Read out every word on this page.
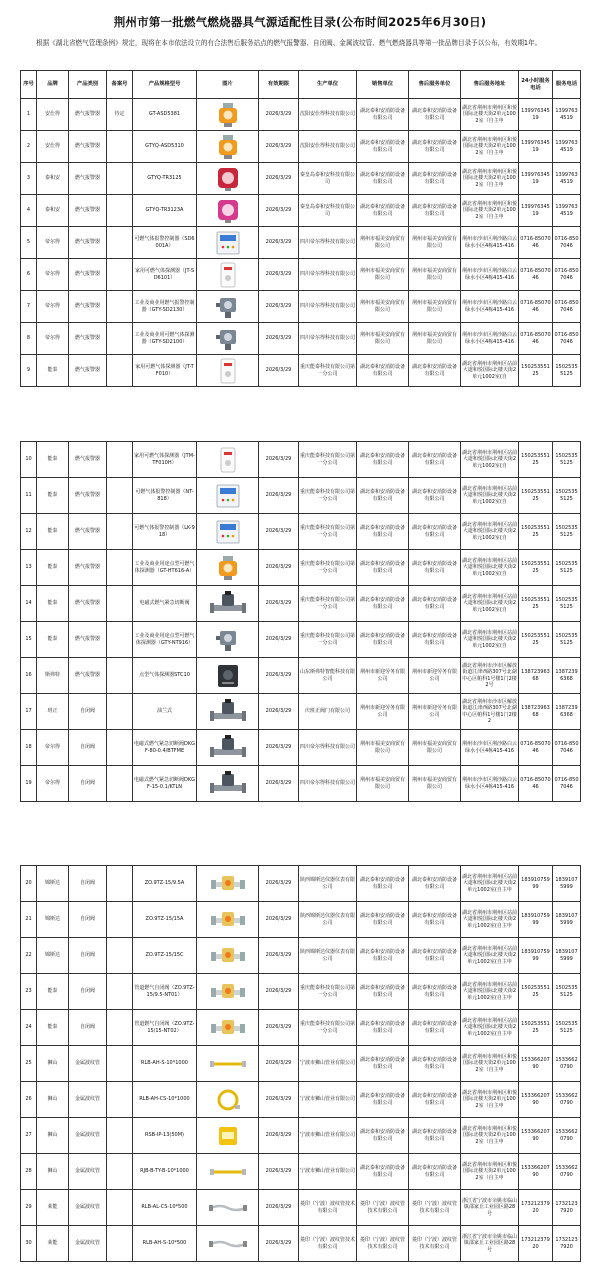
荆州市第一批燃气燃烧器具气源适配性目录(公布时间2025年6月30日)
根据《湖北省燃气管理条例》规定，现将在本市依法设立的有合法售后服务站点的燃气报警器、自闭阀、金属波纹管、燃气燃烧器具等第一批品牌目录予以公布，有效期1年。
序号	品牌	产品类别	备案号	产品规格型号	图片	有效期限	生产单位	销售单位	售后服务单位	售后服务地址	24小时服务电话	服务电话
1	安仕得	燃气报警器	待定	GT-ASD5381		2026/3/29	沈阳安仕得科技有限公司	湖北泰和安消防设备有限公司	湖北泰和安消防设备有限公司	湖北省荆州市荆州区和悦国际北楼天街2单元1002室（自主申	13997634519	13997634519
2	安仕得	燃气报警器		GTYQ-ASD5310		2026/3/29	沈阳安仕得科技有限公司	湖北泰和安消防设备有限公司	湖北泰和安消防设备有限公司	湖北省荆州市荆州区和悦国际北楼天街2单元1002室（自主申	13997634519	13997634519
3	泰和安	燃气报警器		GTYQ-TR3125		2026/3/29	秦皇岛泰和安科技有限公司	湖北泰和安消防设备有限公司	湖北泰和安消防设备有限公司	湖北省荆州市荆州区和悦国际北楼天街2单元1002室（自主申	13997634519	13997634519
4	泰和安	燃气报警器		GTYQ-TR3123A		2026/3/29	秦皇岛泰和安科技有限公司	湖北泰和安消防设备有限公司	湖北泰和安消防设备有限公司	湖北省荆州市荆州区和悦国际北楼天街2单元1002室（自主申	13997634519	13997634519
5	帝尔得	燃气报警器		可燃气体报警控制器（SD6001A）		2026/3/29	四川帝尔得科技有限公司	荆州市福美安商贸有限公司	荆州市福美安商贸有限公司	荆州市沙市区荆沙路白云绿水小区4栋415-416	0716-8507046	0716-8507046
6	帝尔得	燃气报警器		家用可燃气体探测器（JT-SD6101）		2026/3/29	四川帝尔得科技有限公司	荆州市福美安商贸有限公司	荆州市福美安商贸有限公司	荆州市沙市区荆沙路白云绿水小区4栋415-416	0716-8507046	0716-8507046
7	帝尔得	燃气报警器		工业及商业用燃气报警控制器（GTY-SD2130）		2026/3/29	四川帝尔得科技有限公司	荆州市福美安商贸有限公司	荆州市福美安商贸有限公司	荆州市沙市区荆沙路白云绿水小区4栋415-416	0716-8507046	0716-8507046
8	帝尔得	燃气报警器		工业及商业用可燃气体探测器（GTY-SD2100）		2026/3/29	四川帝尔得科技有限公司	荆州市福美安商贸有限公司	荆州市福美安商贸有限公司	荆州市沙市区荆沙路白云绿水小区4栋415-416	0716-8507046	0716-8507046
9	能泰	燃气报警器		家用可燃气体探测器（JT-TF010）		2026/3/29	重庆能泰科技有限公司第一分公司	湖北泰和安消防设备有限公司	湖北泰和安消防设备有限公司	湖北省荆州市荆州区站前大道和悦国际北楼天街2单元1002室(自	15025355125	15025355125
10	能泰	燃气报警器		家用可燃气体探测器（JTM-TF010H）		2026/3/29	重庆能泰科技有限公司第一分公司	湖北泰和安消防设备有限公司	湖北泰和安消防设备有限公司	湖北省荆州市荆州区站前大道和悦国际北楼天街2单元1002室(自	15025355125	15025355125
11	能泰	燃气报警器		可燃气体报警控制器（NT-818）		2026/3/29	重庆能泰科技有限公司第一分公司	湖北泰和安消防设备有限公司	湖北泰和安消防设备有限公司	湖北省荆州市荆州区站前大道和悦国际北楼天街2单元1002室(自	15025355125	15025355125
12	能泰	燃气报警器		可燃气体报警控制器（LK-918）		2026/3/29	重庆能泰科技有限公司第一分公司	湖北泰和安消防设备有限公司	湖北泰和安消防设备有限公司	湖北省荆州市荆州区站前大道和悦国际北楼天街2单元1002室(自	15025355125	15025355125
13	能泰	燃气报警器		工业及商业用途点型可燃气体探测器（GT-HT616-A）		2026/3/29	重庆能泰科技有限公司第一分公司	湖北泰和安消防设备有限公司	湖北泰和安消防设备有限公司	湖北省荆州市荆州区站前大道和悦国际北楼天街2单元1002室(自	15025355125	15025355125
14	能泰	燃气报警器		电磁式燃气紧急切断阀		2026/3/29	重庆能泰科技有限公司第一分公司	湖北泰和安消防设备有限公司	湖北泰和安消防设备有限公司	湖北省荆州市荆州区站前大道和悦国际北楼天街2单元1002室(自	15025355125	15025355125
15	能泰	燃气报警器		工业及商业用途点型可燃气体探测器（GTY-NT916）		2026/3/29	重庆能泰科技有限公司第一分公司	湖北泰和安消防设备有限公司	湖北泰和安消防设备有限公司	湖北省荆州市荆州区站前大道和悦国际北楼天街2单元1002室(自	15025355125	15025355125
16	斯弗特	燃气报警器		点型气体探测器STC10		2026/3/29	山东斯弗特智能科技有限公司	荆州市新迎劳务有限公司	荆州市新迎劳务有限公司	湖北省荆州市沙市区解放街道江津西路307号北湖中心区帕科1号楼1门2楼2号	13872396368	13872396368
17	班正	自闭阀		油兰式		2026/3/29	庆班正阀门有限公司	荆州市新迎劳务有限公司	荆州市新迎劳务有限公司	湖北省荆州市沙市区解放街道江津西路307号北湖中心区帕科1号楼1门2楼2	13872396368	13872396368
18	帝尔得	自闭阀		电磁式燃气紧急切断阀DKGF-80-0.4/BTFME		2026/3/29	四川帝尔得科技有限公司	荆州市福美安商贸有限公司	荆州市福美安商贸有限公司	荆州市沙市区荆沙路白云绿水小区4栋415-416	0716-8507046	0716-8507046
19	帝尔得	自闭阀		电磁式燃气紧急切断阀DKGF-15-0.1/KTLN		2026/3/29	四川帝尔得科技有限公司	荆州市福美安商贸有限公司	荆州市福美安商贸有限公司	荆州市沙市区荆沙路白云绿水小区4栋415-416	0716-8507046	0716-8507046
20	锦斯达	自闭阀		ZO.9TZ-15/9.5A		2026/3/29	陕西锦斯达仪器仪表有限公司	湖北泰和安消防设备有限公司	湖北泰和安消防设备有限公司	湖北省荆州市荆州区站前大道和悦国际北楼天街2单元1002室(自主申	18391075999	18391075999
21	锦斯达	自闭阀		ZO.9TZ-15/15A		2026/3/29	陕西锦斯达仪器仪表有限公司	湖北泰和安消防设备有限公司	湖北泰和安消防设备有限公司	湖北省荆州市荆州区站前大道和悦国际北楼天街2单元1002室(自主申	18391075999	18391075999
22	锦斯达	自闭阀		ZO.9TZ-15/15C		2026/3/29	陕西锦斯达仪器仪表有限公司	湖北泰和安消防设备有限公司	湖北泰和安消防设备有限公司	湖北省荆州市荆州区站前大道和悦国际北楼天街2单元1002室(自主申	18391075999	18391075999
23	能泰	自闭阀		管道燃气自闭阀（ZO.9TZ-15/9.5-NT01）		2026/3/29	重庆能泰科技有限公司第一分公司	湖北泰和安消防设备有限公司	湖北泰和安消防设备有限公司	湖北省荆州市荆州区站前大道和悦国际北楼天街2单元1002室(自主申	15025355125	15025355125
24	能泰	自闭阀		管道燃气自闭阀（ZO.9TZ-15/15-NT02）		2026/3/29	重庆能泰科技有限公司第一分公司	湖北泰和安消防设备有限公司	湖北泰和安消防设备有限公司	湖北省荆州市荆州区站前大道和悦国际北楼天街2单元1002室(自主申	15025355125	15025355125
25	狮山	金属波纹管		RLB-AH-S-10*1000		2026/3/29	宁波市狮山管业有限公司	湖北泰和安消防设备有限公司	湖北泰和安消防设备有限公司	湖北省荆州市荆州区和悦国际北楼天街2单元1002室（自主申	15336620790	15336620790
26	狮山	金属波纹管		RLB-AH-CS-10*1000		2026/3/29	宁波市狮山管业有限公司	湖北泰和安消防设备有限公司	湖北泰和安消防设备有限公司	湖北省荆州市荆州区和悦国际北楼天街2单元1002室（自主申	15336620790	15336620790
27	狮山	金属波纹管		RSB-IP-13(50M)		2026/3/29	宁波市狮山管业有限公司	湖北泰和安消防设备有限公司	湖北泰和安消防设备有限公司	湖北省荆州市荆州区和悦国际北楼天街2单元1002室（自主申	15336620790	15336620790
28	狮山	金属波纹管		RJB-B-TY-B-10*1000		2026/3/29	宁波市狮山管业有限公司	湖北泰和安消防设备有限公司	湖北泰和安消防设备有限公司	湖北省荆州市荆州区和悦国际北楼天街2单元1002室（自主申	15336620790	15336620790
29	莱能	金属波纹管		RLB-AL-CS-10*500		2026/3/29	菱印（宁波）波纹管技术有限公司	菱印（宁波）波纹管技术有限公司	菱印（宁波）波纹管技术有限公司	浙江省宁波市余姚市临山镇邵家丘工业园区路28号	17321237920	17321237920
30	莱能	金属波纹管		RLB-AH-S-10*500		2026/3/29	菱印（宁波）波纹管技术有限公司	菱印（宁波）波纹管技术有限公司	菱印（宁波）波纹管技术有限公司	浙江省宁波市余姚市临山镇邵家丘工业园区路28号	17321237920	17321237920
